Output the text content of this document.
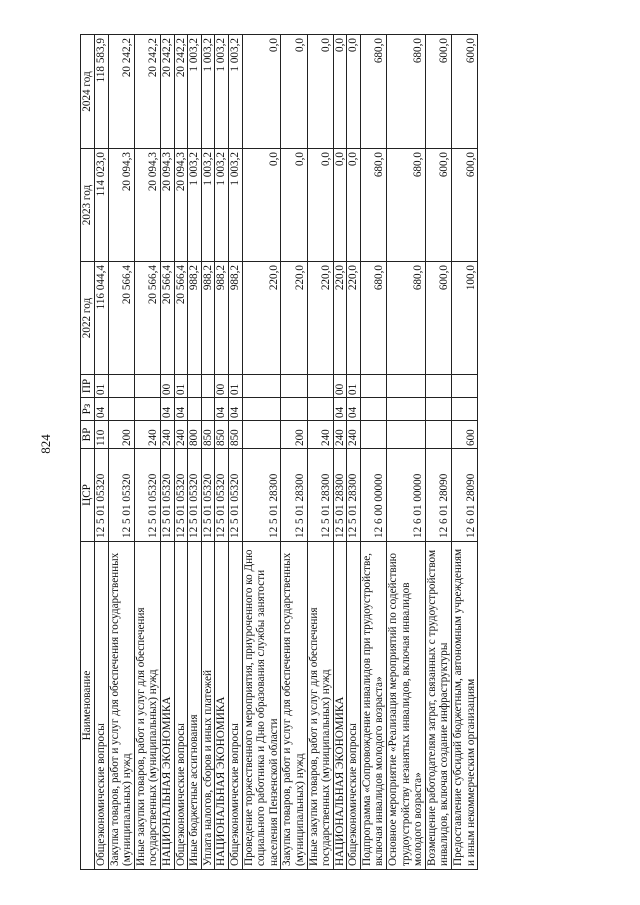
824
Наименование	ЦСР	ВР	Рз	ПР	2022 год	2023 год	2024 год
Общеэкономические вопросы	12 5 01 05320	110	04	01	116 044,4	114 023,0	118 583,9
Закупка товаров, работ и услуг для обеспечения государственных (муниципальных) нужд	12 5 01 05320	200			20 566,4	20 094,3	20 242,2
Иные закупки товаров, работ и услуг для обеспечения государственных (муниципальных) нужд	12 5 01 05320	240			20 566,4	20 094,3	20 242,2
НАЦИОНАЛЬНАЯ ЭКОНОМИКА	12 5 01 05320	240	04	00	20 566,4	20 094,3	20 242,2
Общеэкономические вопросы	12 5 01 05320	240	04	01	20 566,4	20 094,3	20 242,2
Иные бюджетные ассигнования	12 5 01 05320	800			988,2	1 003,2	1 003,2
Уплата налогов, сборов и иных платежей	12 5 01 05320	850			988,2	1 003,2	1 003,2
НАЦИОНАЛЬНАЯ ЭКОНОМИКА	12 5 01 05320	850	04	00	988,2	1 003,2	1 003,2
Общеэкономические вопросы	12 5 01 05320	850	04	01	988,2	1 003,2	1 003,2
Проведение торжественного мероприятия, приуроченного ко Дню социального работника и Дню образования службы занятости населения Пензенской области	12 5 01 28300				220,0	0,0	0,0
Закупка товаров, работ и услуг для обеспечения государственных (муниципальных) нужд	12 5 01 28300	200			220,0	0,0	0,0
Иные закупки товаров, работ и услуг для обеспечения государственных (муниципальных) нужд	12 5 01 28300	240			220,0	0,0	0,0
НАЦИОНАЛЬНАЯ ЭКОНОМИКА	12 5 01 28300	240	04	00	220,0	0,0	0,0
Общеэкономические вопросы	12 5 01 28300	240	04	01	220,0	0,0	0,0
Подпрограмма «Сопровождение инвалидов при трудоустройстве, включая инвалидов молодого возраста»	12 6 00 00000				680,0	680,0	680,0
Основное мероприятие «Реализация мероприятий по содействию трудоустройству незанятых инвалидов, включая инвалидов молодого возраста»	12 6 01 00000				680,0	680,0	680,0
Возмещение работодателям затрат, связанных с трудоустройством инвалидов, включая создание инфраструктуры	12 6 01 28090				600,0	600,0	600,0
Предоставление субсидий бюджетным, автономным учреждениям и иным некоммерческим организациям	12 6 01 28090	600			100,0	600,0	600,0
